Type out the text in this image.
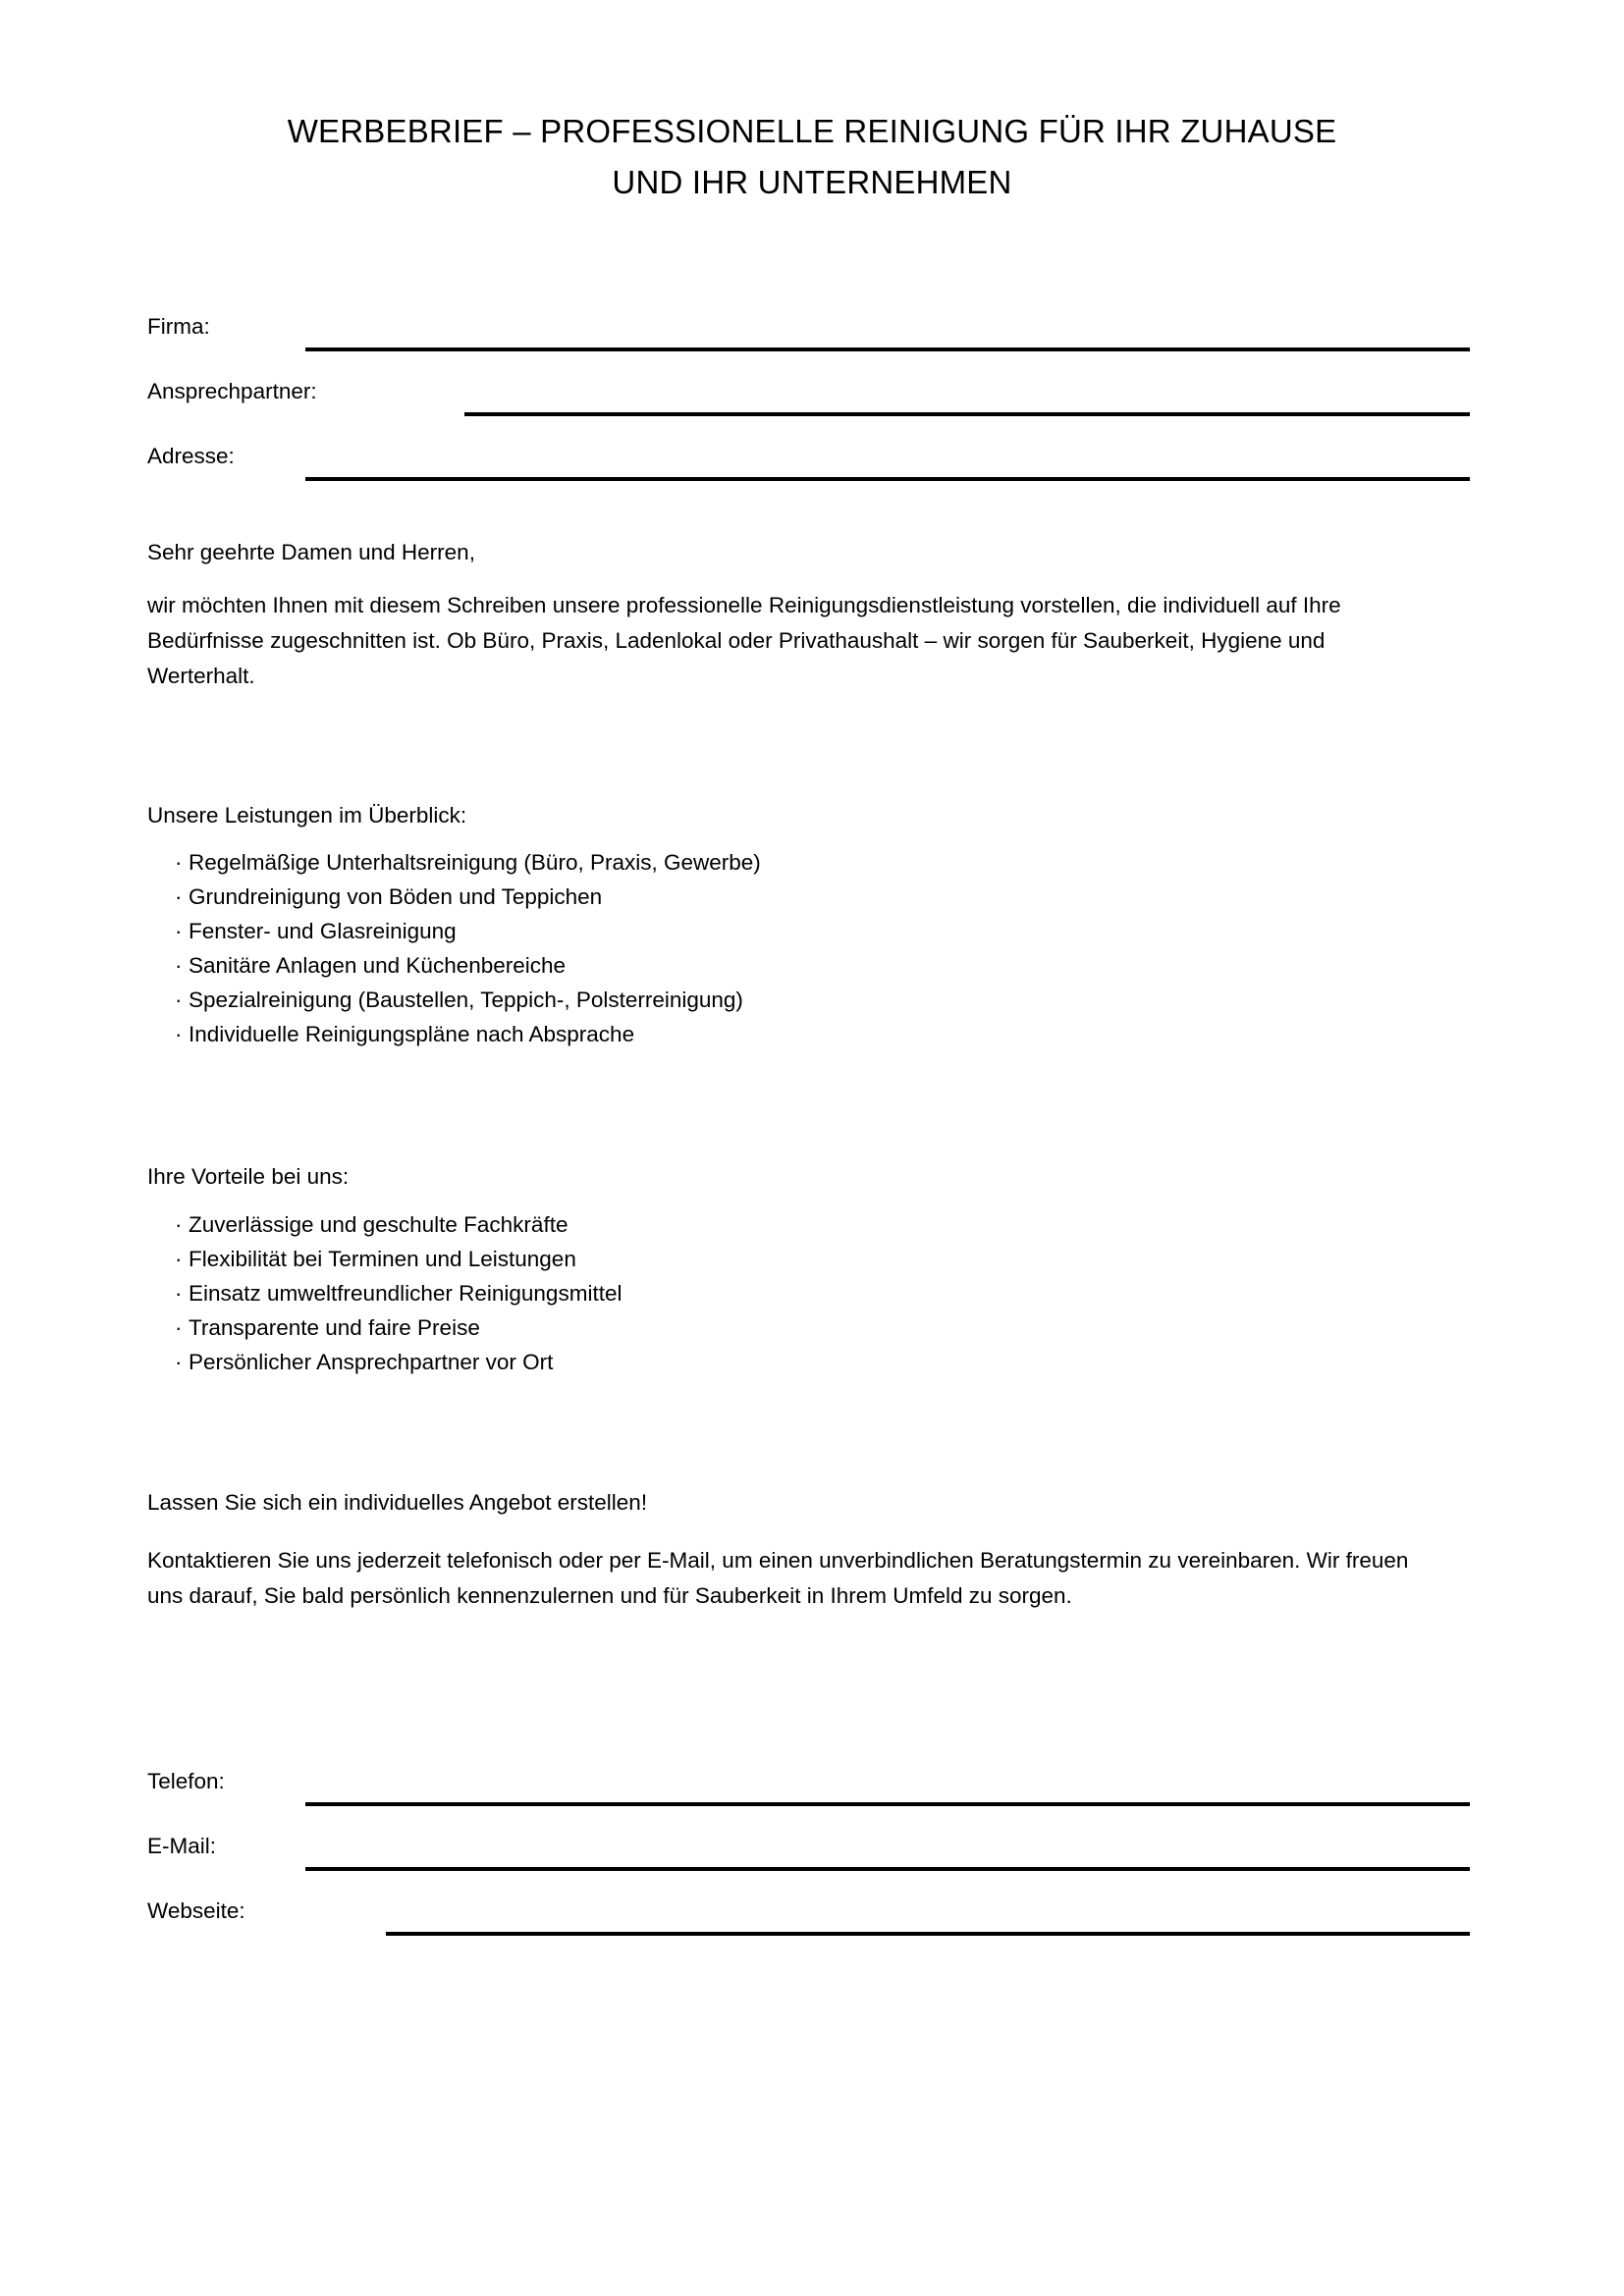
WERBEBRIEF – PROFESSIONELLE REINIGUNG FÜR IHR ZUHAUSE
UND IHR UNTERNEHMEN
Firma:
Ansprechpartner:
Adresse:
Sehr geehrte Damen und Herren,
wir möchten Ihnen mit diesem Schreiben unsere professionelle Reinigungsdienstleistung vorstellen, die individuell auf Ihre Bedürfnisse zugeschnitten ist. Ob Büro, Praxis, Ladenlokal oder Privathaushalt – wir sorgen für Sauberkeit, Hygiene und Werterhalt.
Unsere Leistungen im Überblick:
· Regelmäßige Unterhaltsreinigung (Büro, Praxis, Gewerbe)
· Grundreinigung von Böden und Teppichen
· Fenster- und Glasreinigung
· Sanitäre Anlagen und Küchenbereiche
· Spezialreinigung (Baustellen, Teppich-, Polsterreinigung)
· Individuelle Reinigungspläne nach Absprache
Ihre Vorteile bei uns:
· Zuverlässige und geschulte Fachkräfte
· Flexibilität bei Terminen und Leistungen
· Einsatz umweltfreundlicher Reinigungsmittel
· Transparente und faire Preise
· Persönlicher Ansprechpartner vor Ort
Lassen Sie sich ein individuelles Angebot erstellen!
Kontaktieren Sie uns jederzeit telefonisch oder per E-Mail, um einen unverbindlichen Beratungstermin zu vereinbaren. Wir freuen uns darauf, Sie bald persönlich kennenzulernen und für Sauberkeit in Ihrem Umfeld zu sorgen.
Telefon:
E-Mail:
Webseite:
